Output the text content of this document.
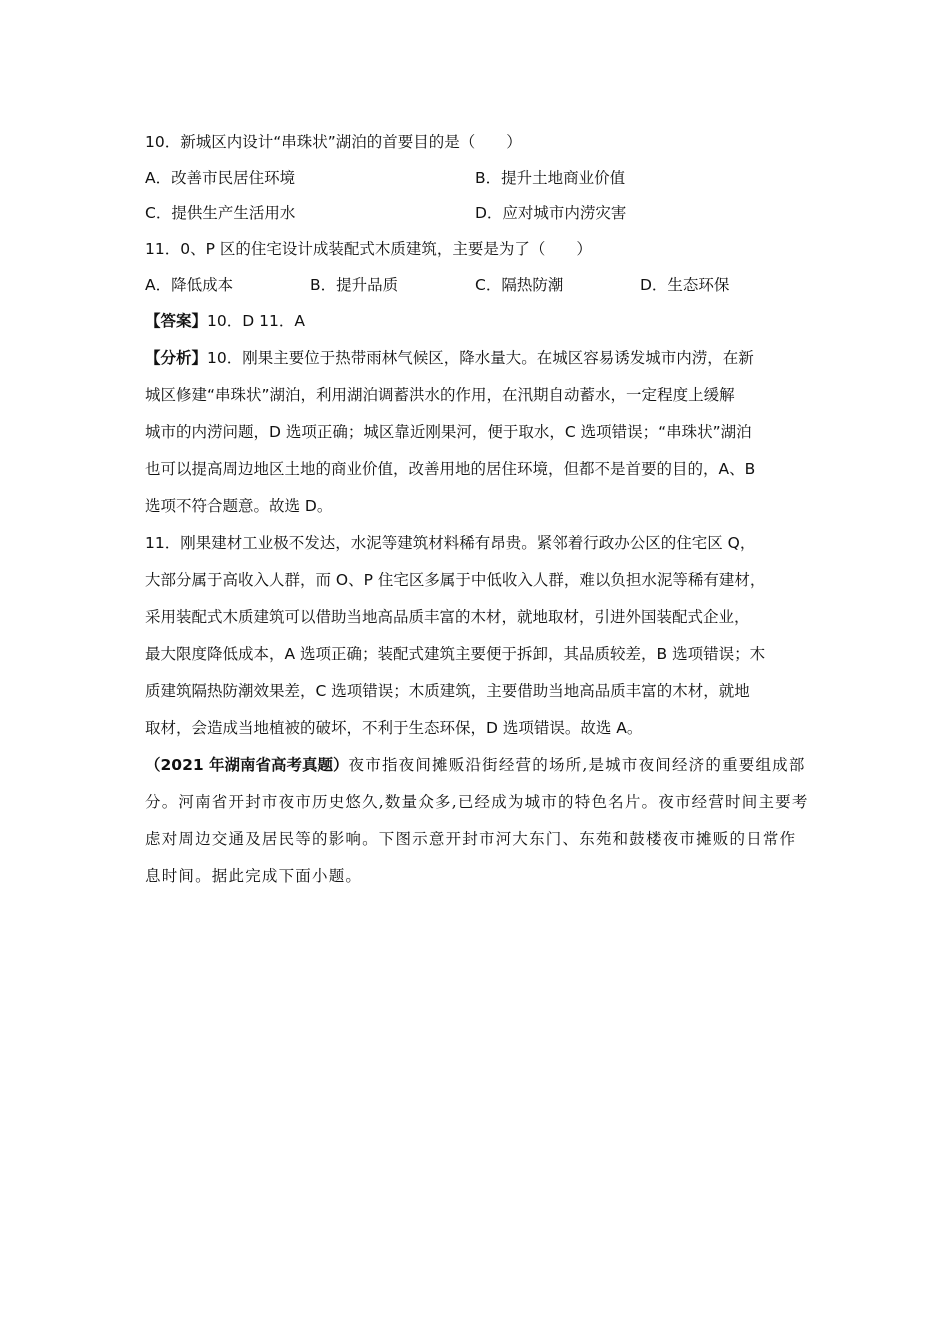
10．新城区内设计“串珠状”湖泊的首要目的是（　　）
A．改善市民居住环境	B．提升土地商业价值
C．提供生产生活用水	D．应对城市内涝灾害
11．0、P 区的住宅设计成装配式木质建筑，主要是为了（　　）
A．降低成本	B．提升品质	C．隔热防潮	D．生态环保
【答案】10．D 11．A
【分析】10．刚果主要位于热带雨林气候区，降水量大。在城区容易诱发城市内涝，在新
城区修建“串珠状”湖泊，利用湖泊调蓄洪水的作用，在汛期自动蓄水，一定程度上缓解
城市的内涝问题，D 选项正确；城区靠近刚果河，便于取水，C 选项错误；“串珠状”湖泊
也可以提高周边地区土地的商业价值，改善用地的居住环境，但都不是首要的目的，A、B
选项不符合题意。故选 D。
11．刚果建材工业极不发达，水泥等建筑材料稀有昂贵。紧邻着行政办公区的住宅区 Q，
大部分属于高收入人群，而 O、P 住宅区多属于中低收入人群，难以负担水泥等稀有建材，
采用装配式木质建筑可以借助当地高品质丰富的木材，就地取材，引进外国装配式企业，
最大限度降低成本，A 选项正确；装配式建筑主要便于拆卸，其品质较差，B 选项错误；木
质建筑隔热防潮效果差，C 选项错误；木质建筑，主要借助当地高品质丰富的木材，就地
取材，会造成当地植被的破坏，不利于生态环保，D 选项错误。故选 A。
（2021 年湖南省高考真题）夜市指夜间摊贩沿街经营的场所,是城市夜间经济的重要组成部
分。河南省开封市夜市历史悠久,数量众多,已经成为城市的特色名片。夜市经营时间主要考
虑对周边交通及居民等的影响。下图示意开封市河大东门、东苑和鼓楼夜市摊贩的日常作
息时间。据此完成下面小题。
